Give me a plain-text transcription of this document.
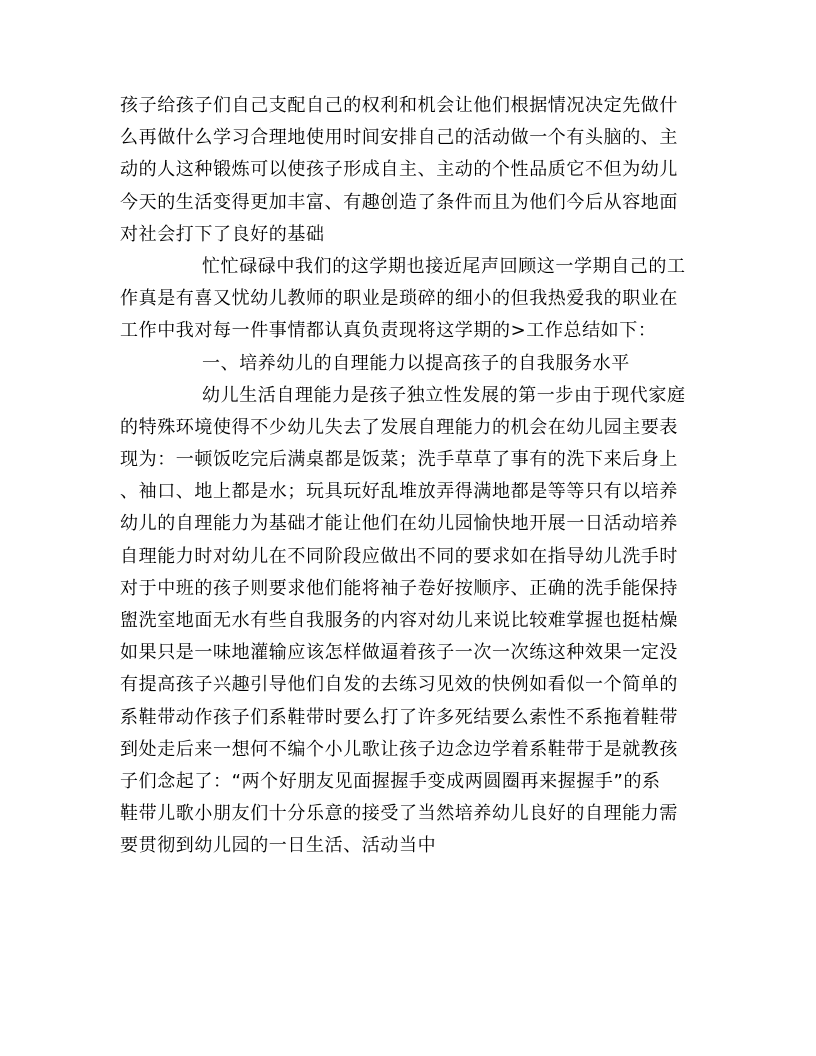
孩子给孩子们自己支配自己的权利和机会让他们根据情况决定先做什
么再做什么学习合理地使用时间安排自己的活动做一个有头脑的、主
动的人这种锻炼可以使孩子形成自主、主动的个性品质它不但为幼儿
今天的生活变得更加丰富、有趣创造了条件而且为他们今后从容地面
对社会打下了良好的基础
忙忙碌碌中我们的这学期也接近尾声回顾这一学期自己的工
作真是有喜又忧幼儿教师的职业是琐碎的细小的但我热爱我的职业在
工作中我对每一件事情都认真负责现将这学期的>工作总结如下：
一、培养幼儿的自理能力以提高孩子的自我服务水平
幼儿生活自理能力是孩子独立性发展的第一步由于现代家庭
的特殊环境使得不少幼儿失去了发展自理能力的机会在幼儿园主要表
现为：一顿饭吃完后满桌都是饭菜；洗手草草了事有的洗下来后身上
、袖口、地上都是水；玩具玩好乱堆放弄得满地都是等等只有以培养
幼儿的自理能力为基础才能让他们在幼儿园愉快地开展一日活动培养
自理能力时对幼儿在不同阶段应做出不同的要求如在指导幼儿洗手时
对于中班的孩子则要求他们能将袖子卷好按顺序、正确的洗手能保持
盥洗室地面无水有些自我服务的内容对幼儿来说比较难掌握也挺枯燥
如果只是一味地灌输应该怎样做逼着孩子一次一次练这种效果一定没
有提高孩子兴趣引导他们自发的去练习见效的快例如看似一个简单的
系鞋带动作孩子们系鞋带时要么打了许多死结要么索性不系拖着鞋带
到处走后来一想何不编个小儿歌让孩子边念边学着系鞋带于是就教孩
子们念起了：“两个好朋友见面握握手变成两圆圈再来握握手”的系
鞋带儿歌小朋友们十分乐意的接受了当然培养幼儿良好的自理能力需
要贯彻到幼儿园的一日生活、活动当中
